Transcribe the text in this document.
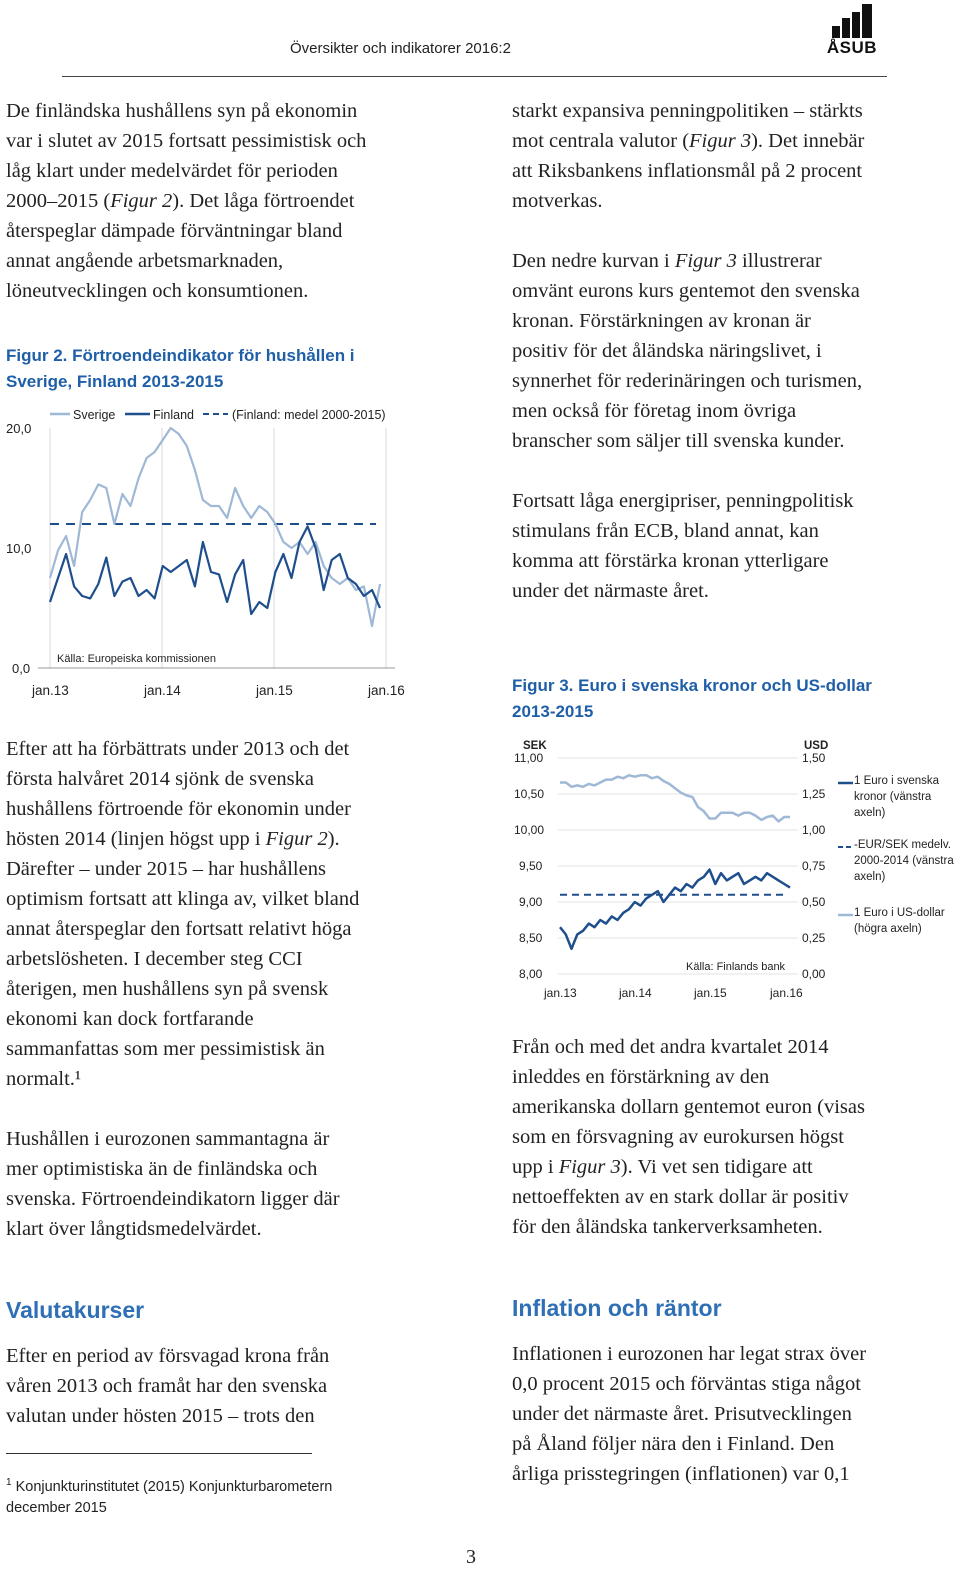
Översikter och indikatorer 2016:2	ÅSUB

De finländska hushållens syn på ekonomin

var i slutet av 2015 fortsatt pessimistisk och

låg klart under medelvärdet för perioden

2000–2015 (Figur 2). Det låga förtroendet

återspeglar dämpade förväntningar bland

annat angående arbetsmarknaden,

löneutvecklingen och konsumtionen.

Figur 2. Förtroendeindikator för hushållen i

Sverige, Finland 2013-2015

20,0
10,0
0,0
jan.13	jan.14	jan.15	jan.16
Sverige	Finland	(Finland: medel 2000-2015)
Källa: Europeiska kommissionen

Efter att ha förbättrats under 2013 och det

första halvåret 2014 sjönk de svenska

hushållens förtroende för ekonomin under

hösten 2014 (linjen högst upp i Figur 2).

Därefter – under 2015 – har hushållens

optimism fortsatt att klinga av, vilket bland

annat återspeglar den fortsatt relativt höga

arbetslösheten. I december steg CCI

återigen, men hushållens syn på svensk

ekonomi kan dock fortfarande

sammanfattas som mer pessimistisk än

normalt.¹

Hushållen i eurozonen sammantagna är

mer optimistiska än de finländska och

svenska. Förtroendeindikatorn ligger där

klart över långtidsmedelvärdet.

Valutakurser

Efter en period av försvagad krona från

våren 2013 och framåt har den svenska

valutan under hösten 2015 – trots den

$^1$ Konjunkturinstitutet (2015) Konjunkturbarometern
december 2015

starkt expansiva penningpolitiken – stärkts

mot centrala valutor (Figur 3). Det innebär

att Riksbankens inflationsmål på 2 procent

motverkas.

Den nedre kurvan i Figur 3 illustrerar

omvänt eurons kurs gentemot den svenska

kronan. Förstärkningen av kronan är

positiv för det åländska näringslivet, i

synnerhet för rederinäringen och turismen,

men också för företag inom övriga

branscher som säljer till svenska kunder.

Fortsatt låga energipriser, penningpolitisk

stimulans från ECB, bland annat, kan

komma att förstärka kronan ytterligare

under det närmaste året.

Figur 3. Euro i svenska kronor och US-dollar

2013-2015

SEK	USD
11,00
10,50
10,00
9,50
9,00
8,50
8,00
1,50
1,25
1,00
0,75
0,50
0,25
0,00
jan.13	jan.14	jan.15	jan.16
Källa: Finlands bank
1 Euro i svenska kronor (vänstra axeln)
-EUR/SEK medelv. 2000-2014 (vänstra axeln)
1 Euro i US-dollar (högra axeln)

Från och med det andra kvartalet 2014

inleddes en förstärkning av den

amerikanska dollarn gentemot euron (visas

som en försvagning av eurokursen högst

upp i Figur 3). Vi vet sen tidigare att

nettoeffekten av en stark dollar är positiv

för den åländska tankerverksamheten.

Inflation och räntor

Inflationen i eurozonen har legat strax över

0,0 procent 2015 och förväntas stiga något

under det närmaste året. Prisutvecklingen

på Åland följer nära den i Finland. Den

årliga prisstegringen (inflationen) var 0,1

3
